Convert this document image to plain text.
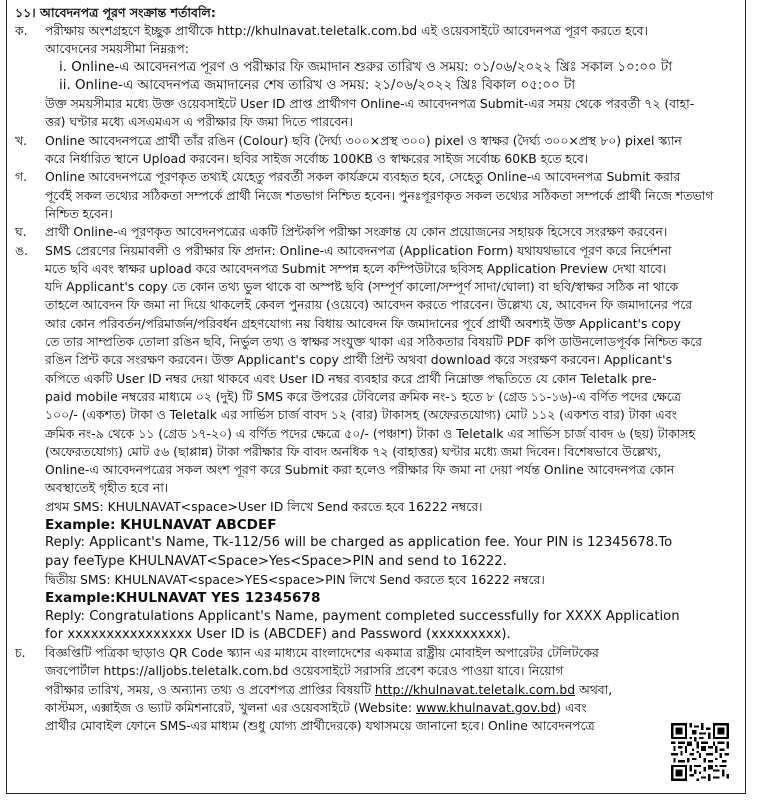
১১। আবেদনপত্র পূরণ সংক্রান্ত শর্তাবলি:
ক.	পরীক্ষায় অংশগ্রহণে ইচ্ছুক প্রার্থীকে http://khulnavat.teletalk.com.bd এই ওয়েবসাইটে আবেদনপত্র পূরণ করতে হবে।
আবেদনের সময়সীমা নিম্নরূপ:
i. Online-এ আবেদনপত্র পূরণ ও পরীক্ষার ফি জমাদান শুরুর তারিখ ও সময়: ০১/০৬/২০২২ খ্রিঃ সকাল ১০:০০ টা
ii. Online-এ আবেদনপত্র জমাদানের শেষ তারিখ ও সময়: ২১/০৬/২০২২ খ্রিঃ বিকাল ০৫:০০ টা
উক্ত সময়সীমার মধ্যে উক্ত ওয়েবসাইটে User ID প্রাপ্ত প্রার্থীগণ Online-এ আবেদনপত্র Submit-এর সময় থেকে পরবর্তী ৭২ (বাহা-
ত্তর) ঘণ্টার মধ্যে এসএমএস এ পরীক্ষার ফি জমা দিতে পারবেন।
খ.	Online আবেদনপত্রে প্রার্থী তাঁর রঙিন (Colour) ছবি (দৈর্ঘ্য ৩০০×প্রস্থ ৩০০) pixel ও স্বাক্ষর (দৈর্ঘ্য ৩০০×প্রস্থ ৮০) pixel স্ক্যান
করে নির্ধারিত স্থানে Upload করবেন। ছবির সাইজ সর্বোচ্চ 100KB ও স্বাক্ষরের সাইজ সর্বোচ্চ 60KB হতে হবে।
গ.	Online আবেদনপত্রে পূরণকৃত তথ্যই যেহেতু পরবর্তী সকল কার্যক্রমে ব্যবহৃত হবে, সেহেতু Online-এ আবেদনপত্র Submit করার
পূর্বেই সকল তথ্যের সঠিকতা সম্পর্কে প্রার্থী নিজে শতভাগ নিশ্চিত হবেন। পুনঃপূরণকৃত সকল তথ্যের সঠিকতা সম্পর্কে প্রার্থী নিজে শতভাগ
নিশ্চিত হবেন।
ঘ.	প্রার্থী Online-এ পূরণকৃত আবেদনপত্রের একটি প্রিন্টকপি পরীক্ষা সংক্রান্ত যে কোন প্রয়োজনের সহায়ক হিসেবে সংরক্ষণ করবেন।
ঙ.	SMS প্রেরণের নিয়মাবলী ও পরীক্ষার ফি প্রদান: Online-এ আবেদনপত্র (Application Form) যথাযথভাবে পূরণ করে নির্দেশনা
মতে ছবি এবং স্বাক্ষর upload করে আবেদনপত্র Submit সম্পন্ন হলে কম্পিউটারে ছবিসহ Application Preview দেখা যাবে।
যদি Applicant's copy তে কোন তথ্য ভুল থাকে বা অস্পষ্ট ছবি (সম্পূর্ণ কালো/সম্পূর্ণ সাদা/ঘোলা) বা ছবি/স্বাক্ষর সঠিক না থাকে
তাহলে আবেদন ফি জমা না দিয়ে থাকলেই কেবল পুনরায় (ওয়েবে) আবেদন করতে পারবেন। উল্লেখ্য যে, আবেদন ফি জমাদানের পরে
আর কোন পরিবর্তন/পরিমার্জন/পরিবর্ধন গ্রহণযোগ্য নয় বিধায় আবেদন ফি জমাদানের পূর্বে প্রার্থী অবশ্যই উক্ত Applicant's copy
তে তার সাম্প্রতিক তোলা রঙিন ছবি, নির্ভুল তথ্য ও স্বাক্ষর সংযুক্ত থাকা এর সঠিকতার বিষয়টি PDF কপি ডাউনলোডপূর্বক নিশ্চিত করে
রঙিন প্রিন্ট করে সংরক্ষণ করবেন। উক্ত Applicant's copy প্রার্থী প্রিন্ট অথবা download করে সংরক্ষণ করবেন। Applicant's
কপিতে একটি User ID নম্বর দেয়া থাকবে এবং User ID নম্বর ব্যবহার করে প্রার্থী নিম্নোক্ত পদ্ধতিতে যে কোন Teletalk pre-
paid mobile নম্বরের মাধ্যমে ০২ (দুই) টি SMS করে উপরের টেবিলের ক্রমিক নং-১ হতে ৮ (গ্রেড ১১-১৬)-এ বর্ণিত পদের ক্ষেত্রে
১০০/- (একশত) টাকা ও Teletalk এর সার্ভিস চার্জ বাবদ ১২ (বার) টাকাসহ (অফেরতযোগ্য) মোট ১১২ (একশত বার) টাকা এবং
ক্রমিক নং-৯ থেকে ১১ (গ্রেড ১৭-২০) এ বর্ণিত পদের ক্ষেত্রে ৫০/- (পঞ্চাশ) টাকা ও Teletalk এর সার্ভিস চার্জ বাবদ ৬ (ছয়) টাকাসহ
(অফেরতযোগ্য) মোট ৫৬ (ছাপ্পান্ন) টাকা পরীক্ষার ফি বাবদ অনধিক ৭২ (বাহাত্তর) ঘণ্টার মধ্যে জমা দিবেন। বিশেষভাবে উল্লেখ্য,
Online-এ আবেদনপত্রের সকল অংশ পূরণ করে Submit করা হলেও পরীক্ষার ফি জমা না দেয়া পর্যন্ত Online আবেদনপত্র কোন
অবস্থাতেই গৃহীত হবে না।
প্রথম SMS: KHULNAVAT<space>User ID লিখে Send করতে হবে 16222 নম্বরে।
Example: KHULNAVAT ABCDEF
Reply: Applicant's Name, Tk-112/56 will be charged as application fee. Your PIN is 12345678.To
pay feeType KHULNAVAT<Space>Yes<Space>PIN and send to 16222.
দ্বিতীয় SMS: KHULNAVAT<space>YES<space>PIN লিখে Send করতে হবে 16222 নম্বরে।
Example:KHULNAVAT YES 12345678
Reply: Congratulations Applicant's Name, payment completed successfully for XXXX Application
for xxxxxxxxxxxxxxxx User ID is (ABCDEF) and Password (xxxxxxxxx).
চ.	বিজ্ঞপ্তিটি পত্রিকা ছাড়াও QR Code স্ক্যান এর মাধ্যমে বাংলাদেশের একমাত্র রাষ্ট্রীয় মোবাইল অপারেটর টেলিটকের
জবপোর্টাল https://alljobs.teletalk.com.bd ওয়েবসাইটে সরাসরি প্রবেশ করেও পাওয়া যাবে। নিয়োগ
পরীক্ষার তারিখ, সময়, ও অন্যান্য তথ্য ও প্রবেশপত্র প্রাপ্তির বিষয়টি http://khulnavat.teletalk.com.bd অথবা,
কাস্টমস, এক্সাইজ ও ভ্যাট কমিশনারেট, খুলনা এর ওয়েবসাইটে (Website: www.khulnavat.gov.bd) এবং
প্রার্থীর মোবাইল ফোনে SMS-এর মাধ্যম (শুধু যোগ্য প্রার্থীদেরকে) যথাসময়ে জানানো হবে। Online আবেদনপত্রে
